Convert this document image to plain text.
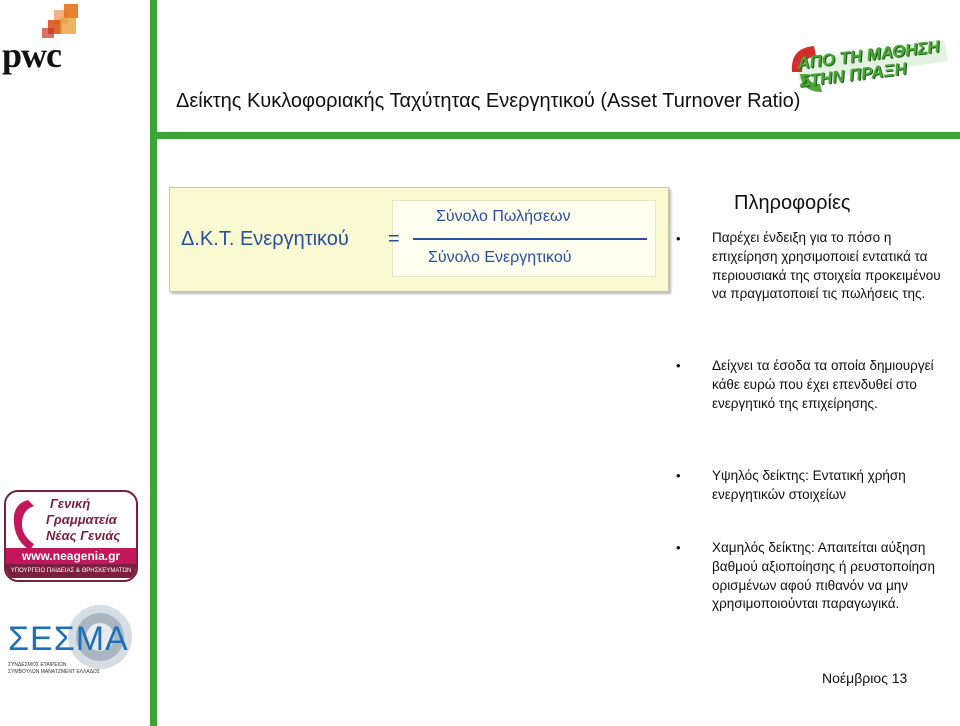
pwc	ΑΠΟ ΤΗ ΜΑΘΗΣΗ ΣΤΗΝ ΠΡΑΞΗ
Δείκτης Κυκλοφοριακής Ταχύτητας Ενεργητικού (Asset Turnover Ratio)
Δ.Κ.Τ. Ενεργητικού =
Σύνολο Πωλήσεων
Σύνολο Ενεργητικού
Πληροφορίες
• Παρέχει ένδειξη για το πόσο η επιχείρηση χρησιμοποιεί εντατικά τα περιουσιακά της στοιχεία προκειμένου να πραγματοποιεί τις πωλήσεις της.
• Δείχνει τα έσοδα τα οποία δημιουργεί κάθε ευρώ που έχει επενδυθεί στο ενεργητικό της επιχείρησης.
• Υψηλός δείκτης: Εντατική χρήση ενεργητικών στοιχείων
• Χαμηλός δείκτης: Απαιτείται αύξηση βαθμού αξιοποίησης ή ρευστοποίηση ορισμένων αφού πιθανόν να μην χρησιμοποιούνται παραγωγικά.
Γενική
Γραμματεία
Νέας Γενιάς
www.neagenia.gr
ΥΠΟΥΡΓΕΙΟ ΠΑΙΔΕΙΑΣ & ΘΡΗΣΚΕΥΜΑΤΩΝ
ΣΕΣΜΑ
ΣΥΝΔΕΣΜΟΣ ΕΤΑΙΡΕΙΩΝ
ΣΥΜΒΟΥΛΩΝ ΜΑΝΑΤΖΜΕΝΤ ΕΛΛΑΔΟΣ	Νοέμβριος 13
